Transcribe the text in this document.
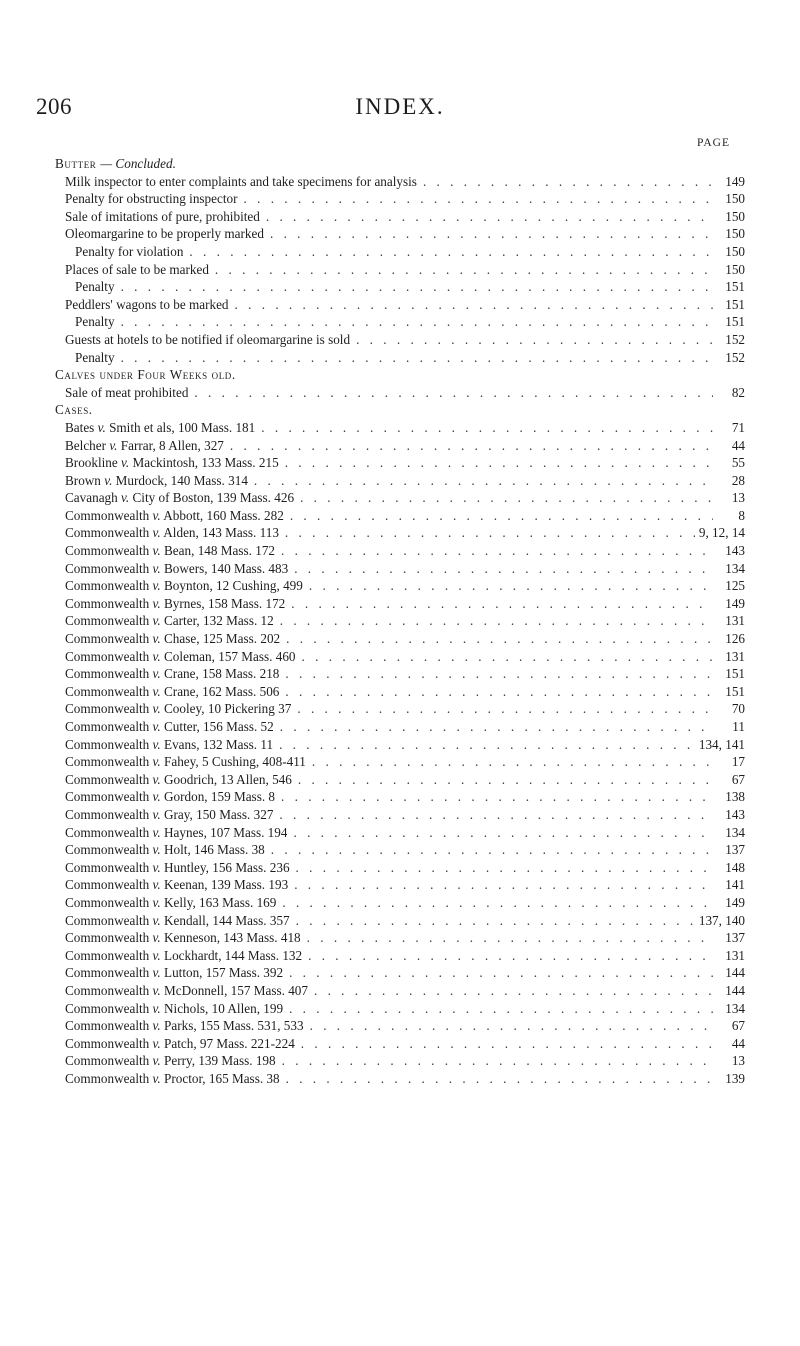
206	INDEX.
PAGE
Butter — Concluded.
Milk inspector to enter complaints and take specimens for analysis . . .	149
Penalty for obstructing inspector . . .	150
Sale of imitations of pure, prohibited . . .	150
Oleomargarine to be properly marked . . .	150
Penalty for violation . . .	150
Places of sale to be marked . . .	150
Penalty . . .	151
Peddlers' wagons to be marked . . .	151
Penalty . . .	151
Guests at hotels to be notified if oleomargarine is sold . . .	152
Penalty . . .	152
Calves under Four Weeks old.
Sale of meat prohibited . . .	82
Cases.
Bates v. Smith et als, 100 Mass. 181 . . .	71
Belcher v. Farrar, 8 Allen, 327 . . .	44
Brookline v. Mackintosh, 133 Mass. 215 . . .	55
Brown v. Murdock, 140 Mass. 314 . . .	28
Cavanagh v. City of Boston, 139 Mass. 426 . . .	13
Commonwealth v. Abbott, 160 Mass. 282 . . .	8
Commonwealth v. Alden, 143 Mass. 113 . . .	9, 12, 14
Commonwealth v. Bean, 148 Mass. 172 . . .	143
Commonwealth v. Bowers, 140 Mass. 483 . . .	134
Commonwealth v. Boynton, 12 Cushing, 499 . . .	125
Commonwealth v. Byrnes, 158 Mass. 172 . . .	149
Commonwealth v. Carter, 132 Mass. 12 . . .	131
Commonwealth v. Chase, 125 Mass. 202 . . .	126
Commonwealth v. Coleman, 157 Mass. 460 . . .	131
Commonwealth v. Crane, 158 Mass. 218 . . .	151
Commonwealth v. Crane, 162 Mass. 506 . . .	151
Commonwealth v. Cooley, 10 Pickering 37 . . .	70
Commonwealth v. Cutter, 156 Mass. 52 . . .	11
Commonwealth v. Evans, 132 Mass. 11 . . .	134, 141
Commonwealth v. Fahey, 5 Cushing, 408-411 . . .	17
Commonwealth v. Goodrich, 13 Allen, 546 . . .	67
Commonwealth v. Gordon, 159 Mass. 8 . . .	138
Commonwealth v. Gray, 150 Mass. 327 . . .	143
Commonwealth v. Haynes, 107 Mass. 194 . . .	134
Commonwealth v. Holt, 146 Mass. 38 . . .	137
Commonwealth v. Huntley, 156 Mass. 236 . . .	148
Commonwealth v. Keenan, 139 Mass. 193 . . .	141
Commonwealth v. Kelly, 163 Mass. 169 . . .	149
Commonwealth v. Kendall, 144 Mass. 357 . . .	137, 140
Commonwealth v. Kenneson, 143 Mass. 418 . . .	137
Commonwealth v. Lockhardt, 144 Mass. 132 . . .	131
Commonwealth v. Lutton, 157 Mass. 392 . . .	144
Commonwealth v. McDonnell, 157 Mass. 407 . . .	144
Commonwealth v. Nichols, 10 Allen, 199 . . .	134
Commonwealth v. Parks, 155 Mass. 531, 533 . . .	67
Commonwealth v. Patch, 97 Mass. 221-224 . . .	44
Commonwealth v. Perry, 139 Mass. 198 . . .	13
Commonwealth v. Proctor, 165 Mass. 38 . . .	139
